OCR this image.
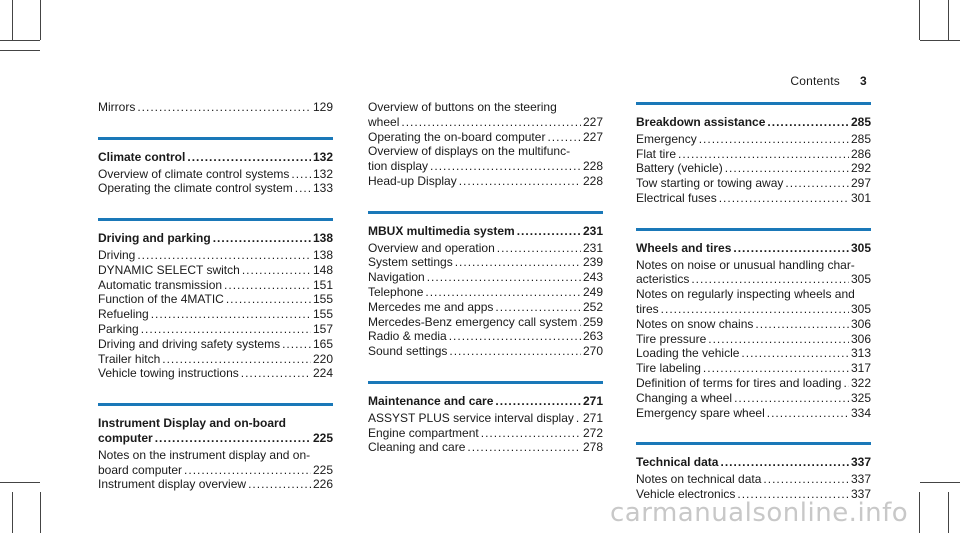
Contents 3
Mirrors .....	129
Climate control .....	132
Overview of climate control systems ..... 132
Operating the climate control system ..... 133
Driving and parking .....	138
Driving .....	138
DYNAMIC SELECT switch .....	148
Automatic transmission .....	151
Function of the 4MATIC .....	155
Refueling .....	155
Parking .....	157
Driving and driving safety systems .....	165
Trailer hitch .....	220
Vehicle towing instructions .....	224
Instrument Display and on-board
computer .....	225
Notes on the instrument display and on-
board computer .....	225
Instrument display overview .....	226
Overview of buttons on the steering
wheel .....	227
Operating the on-board computer .....	227
Overview of displays on the multifunc-
tion display .....	228
Head-up Display .....	228
MBUX multimedia system .....	231
Overview and operation .....	231
System settings .....	239
Navigation .....	243
Telephone .....	249
Mercedes me and apps .....	252
Mercedes-Benz emergency call system ..... 259
Radio & media .....	263
Sound settings .....	270
Maintenance and care .....	271
ASSYST PLUS service interval display ..... 271
Engine compartment .....	272
Cleaning and care .....	278
Breakdown assistance .....	285
Emergency .....	285
Flat tire .....	286
Battery (vehicle) .....	292
Tow starting or towing away .....	297
Electrical fuses .....	301
Wheels and tires .....	305
Notes on noise or unusual handling char-
acteristics .....	305
Notes on regularly inspecting wheels and
tires .....	305
Notes on snow chains .....	306
Tire pressure .....	306
Loading the vehicle .....	313
Tire labeling .....	317
Definition of terms for tires and loading ..... 322
Changing a wheel .....	325
Emergency spare wheel .....	334
Technical data .....	337
Notes on technical data .....	337
Vehicle electronics .....	337
carmanualsonline.info
